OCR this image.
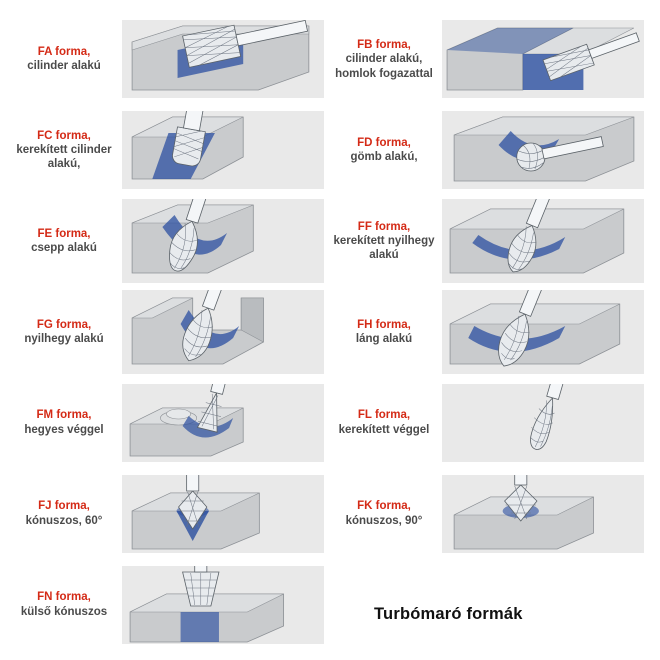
FA forma,
cilinder alakú
FB forma,
cilinder alakú, homlok fogazattal
FC forma,
kerekített cilinder alakú,
FD forma,
gömb alakú,
FE forma,
csepp alakú
FF forma,
kerekített nyilhegy alakú
FG forma,
nyilhegy alakú
FH forma,
láng alakú
FM forma,
hegyes véggel
FL forma,
kerekített véggel
FJ forma,
kónuszos, 60°
FK forma,
kónuszos, 90°
FN forma,
külső kónuszos	Turbómaró formák
